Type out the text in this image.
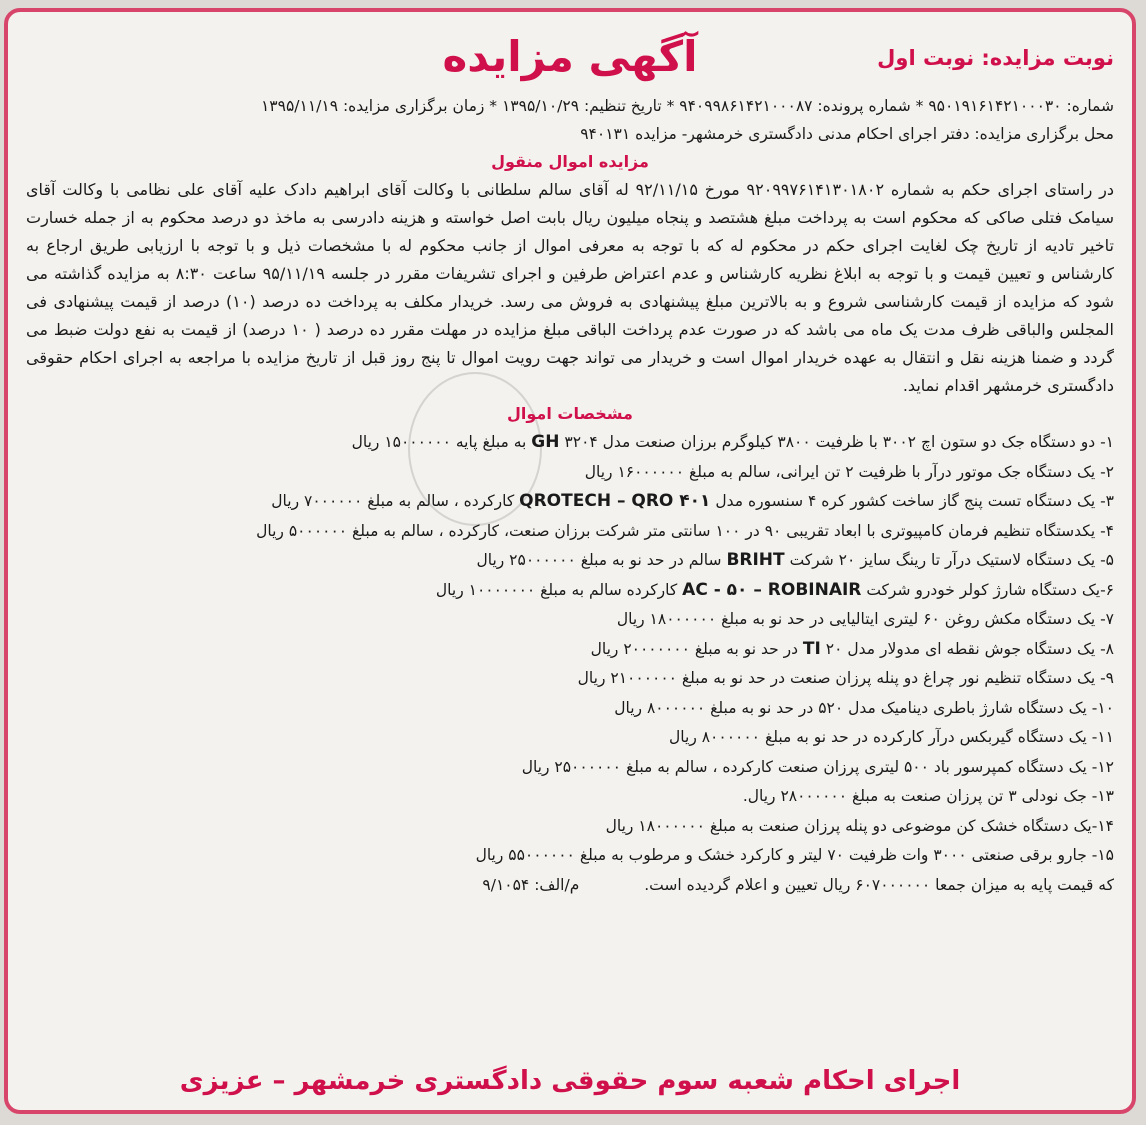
نوبت مزایده: نوبت اول
آگهی مزایده
شماره: ۹۵۰۱۹۱۶۱۴۲۱۰۰۰۳۰ * شماره پرونده: ۹۴۰۹۹۸۶۱۴۲۱۰۰۰۸۷ * تاریخ تنظیم: ۱۳۹۵/۱۰/۲۹ * زمان برگزاری مزایده: ۱۳۹۵/۱۱/۱۹
محل برگزاری مزایده: دفتر اجرای احکام مدنی دادگستری خرمشهر- مزایده ۹۴۰۱۳۱
مزایده اموال منقول
در راستای اجرای حکم به شماره ۹۲۰۹۹۷۶۱۴۱۳۰۱۸۰۲ مورخ ۹۲/۱۱/۱۵ له آقای سالم سلطانی با وکالت آقای ابراهیم دادک علیه آقای علی نظامی با وکالت آقای سیامک فتلی صاکی که محکوم است به پرداخت مبلغ هشتصد و پنجاه میلیون ریال بابت اصل خواسته و هزینه دادرسی به ماخذ دو درصد محکوم به از جمله خسارت تاخیر تادیه از تاریخ چک لغایت اجرای حکم در محکوم له که با توجه به معرفی اموال از جانب محکوم له با مشخصات ذیل و با توجه با ارزیابی طریق ارجاع به کارشناس و تعیین قیمت و با توجه به ابلاغ نظریه کارشناس و عدم اعتراض طرفین و اجرای تشریفات مقرر در جلسه ۹۵/۱۱/۱۹ ساعت ۸:۳۰ به مزایده گذاشته می شود که مزایده از قیمت کارشناسی شروع و به بالاترین مبلغ پیشنهادی به فروش می رسد. خریدار مکلف به پرداخت ده درصد (۱۰) درصد از قیمت پیشنهادی فی المجلس والباقی ظرف مدت یک ماه می باشد که در صورت عدم پرداخت الباقی مبلغ مزایده در مهلت مقرر ده درصد ( ۱۰ درصد) از قیمت به نفع دولت ضبط می گردد و ضمنا هزینه نقل و انتقال به عهده خریدار اموال است و خریدار می تواند جهت رویت اموال تا پنج روز قبل از تاریخ مزایده با مراجعه به اجرای احکام حقوقی دادگستری خرمشهر اقدام نماید.
مشخصات اموال
۱- دو دستگاه جک دو ستون اچ ۳۰۰۲ با ظرفیت ۳۸۰۰ کیلوگرم برزان صنعت مدل ۳۲۰۴ GH به مبلغ پایه ۱۵۰۰۰۰۰۰ ریال
۲- یک دستگاه جک موتور درآر با ظرفیت ۲ تن ایرانی، سالم به مبلغ ۱۶۰۰۰۰۰۰ ریال
۳- یک دستگاه تست پنج گاز ساخت کشور کره ۴ سنسوره مدل QROTECH – QRO ۴۰۱ کارکرده ، سالم به مبلغ ۷۰۰۰۰۰۰ ریال
۴- یکدستگاه تنظیم فرمان کامپیوتری با ابعاد تقریبی ۹۰ در ۱۰۰ سانتی متر شرکت برزان صنعت، کارکرده ، سالم به مبلغ ۵۰۰۰۰۰۰ ریال
۵- یک دستگاه لاستیک درآر تا رینگ سایز ۲۰ شرکت BRIHT سالم در حد نو به مبلغ ۲۵۰۰۰۰۰۰ ریال
۶-یک دستگاه شارژ کولر خودرو شرکت AC - ۵۰ – ROBINAIR کارکرده سالم به مبلغ ۱۰۰۰۰۰۰۰ ریال
۷- یک دستگاه مکش روغن ۶۰ لیتری ایتالیایی در حد نو به مبلغ ۱۸۰۰۰۰۰۰ ریال
۸- یک دستگاه جوش نقطه ای مدولار مدل TI ۲۰ در حد نو به مبلغ ۲۰۰۰۰۰۰۰ ریال
۹- یک دستگاه تنظیم نور چراغ دو پنله پرزان صنعت در حد نو به مبلغ ۲۱۰۰۰۰۰۰ ریال
۱۰- یک دستگاه شارژ باطری دینامیک مدل ۵۲۰ در حد نو به مبلغ ۸۰۰۰۰۰۰ ریال
۱۱- یک دستگاه گیربکس درآر کارکرده در حد نو به مبلغ ۸۰۰۰۰۰۰ ریال
۱۲- یک دستگاه کمپرسور باد ۵۰۰ لیتری پرزان صنعت کارکرده ، سالم به مبلغ ۲۵۰۰۰۰۰۰ ریال
۱۳- جک نودلی ۳ تن پرزان صنعت به مبلغ ۲۸۰۰۰۰۰۰ ریال.
۱۴-یک دستگاه خشک کن موضوعی دو پنله پرزان صنعت به مبلغ ۱۸۰۰۰۰۰۰ ریال
۱۵- جارو برقی صنعتی ۳۰۰۰ وات ظرفیت ۷۰ لیتر و کارکرد خشک و مرطوب به مبلغ ۵۵۰۰۰۰۰۰ ریال
که قیمت پایه به میزان جمعا ۶۰۷۰۰۰۰۰۰ ریال تعیین و اعلام گردیده است. م/الف: ۹/۱۰۵۴
اجرای احکام شعبه سوم حقوقی دادگستری خرمشهر – عزیزی
